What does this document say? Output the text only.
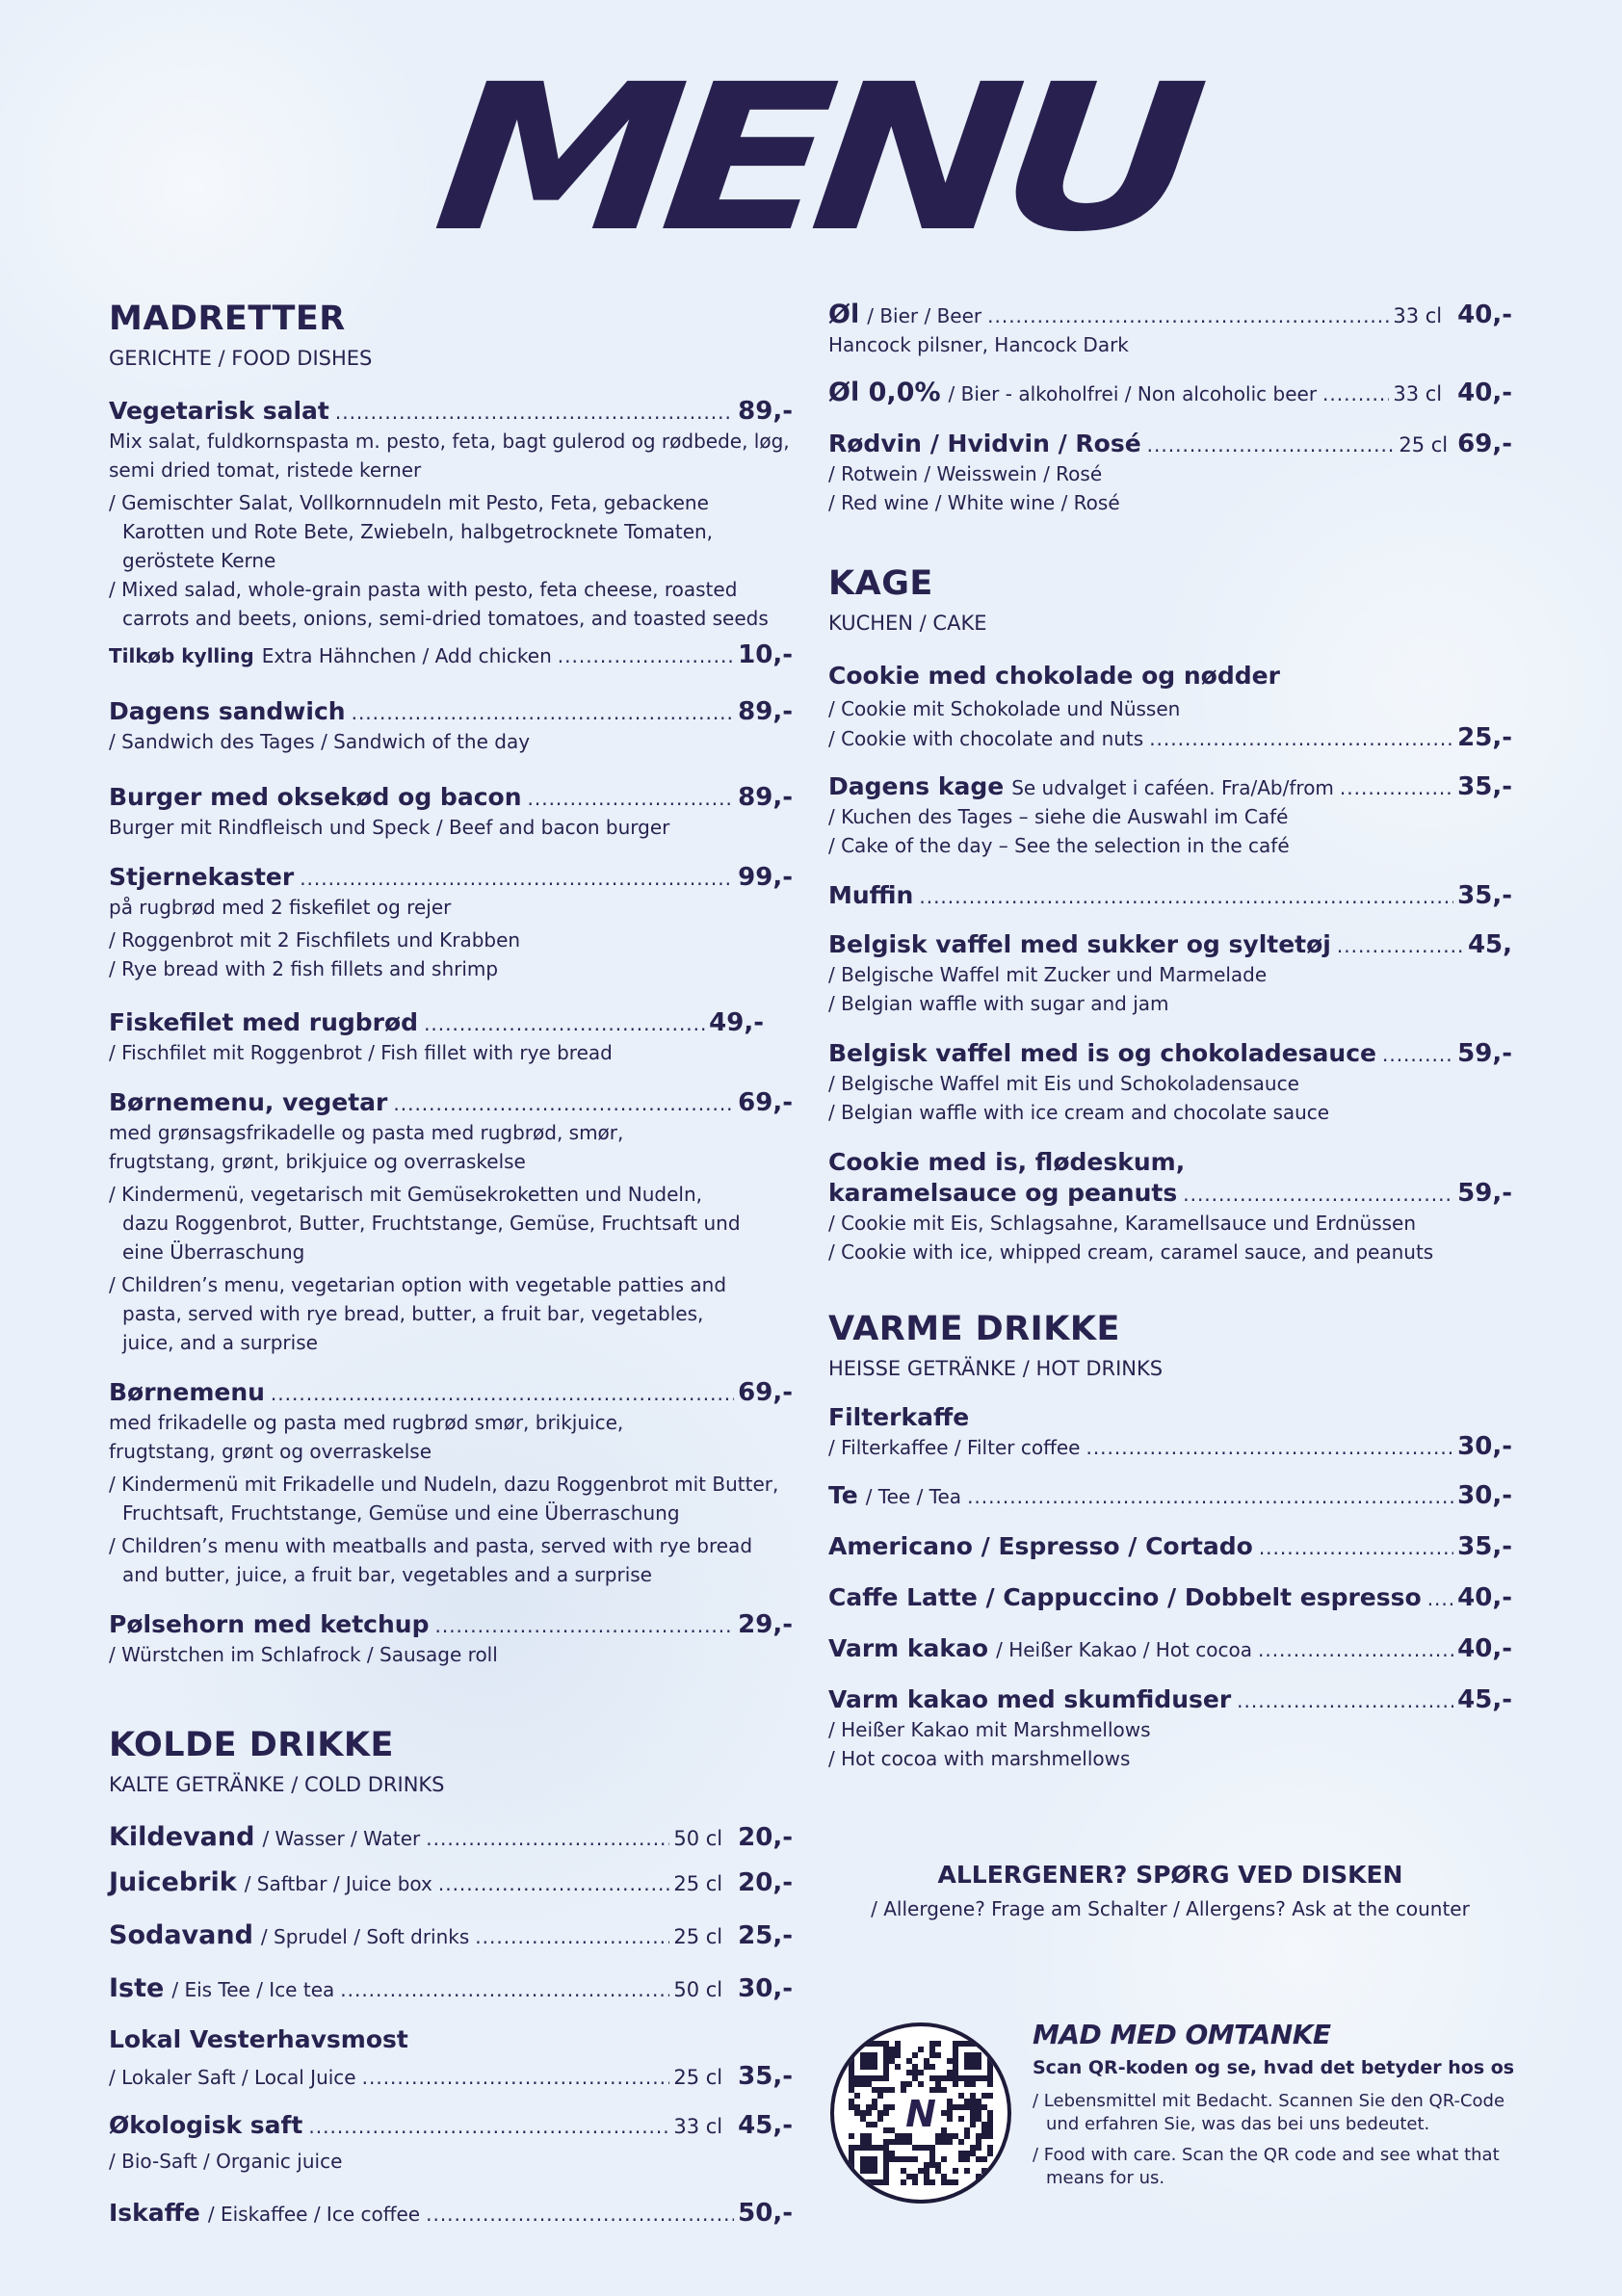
MENU
MADRETTER

GERICHTE / FOOD DISHES

Vegetarisk salat .....	89,-

Mix salat, fuldkornspasta m. pesto, feta, bagt gulerod og rødbede, løg, semi dried tomat, ristede kerner

/ Gemischter Salat, Vollkornnudeln mit Pesto, Feta, gebackene Karotten und Rote Bete, Zwiebeln, halbgetrocknete Tomaten, geröstete Kerne

/ Mixed salad, whole-grain pasta with pesto, feta cheese, roasted carrots and beets, onions, semi-dried tomatoes, and toasted seeds

Tilkøb kylling Extra Hähnchen / Add chicken .....	10,-
Dagens sandwich .....	89,-

/ Sandwich des Tages / Sandwich of the day

Burger med oksekød og bacon .....	89,-

Burger mit Rindfleisch und Speck / Beef and bacon burger

Stjernekaster .....	99,-

på rugbrød med 2 fiskefilet og rejer

/ Roggenbrot mit 2 Fischfilets und Krabben

/ Rye bread with 2 fish fillets and shrimp

Fiskefilet med rugbrød .....	49,-

/ Fischfilet mit Roggenbrot / Fish fillet with rye bread

Børnemenu, vegetar .....	69,-

med grønsagsfrikadelle og pasta med rugbrød, smør, frugtstang, grønt, brikjuice og overraskelse

/ Kindermenü, vegetarisch mit Gemüsekroketten und Nudeln, dazu Roggenbrot, Butter, Fruchtstange, Gemüse, Fruchtsaft und eine Überraschung

/ Children’s menu, vegetarian option with vegetable patties and pasta, served with rye bread, butter, a fruit bar, vegetables, juice, and a surprise

Børnemenu .....	69,-

med frikadelle og pasta med rugbrød smør, brikjuice, frugtstang, grønt og overraskelse

/ Kindermenü mit Frikadelle und Nudeln, dazu Roggenbrot mit Butter, Fruchtsaft, Fruchtstange, Gemüse und eine Überraschung

/ Children’s menu with meatballs and pasta, served with rye bread and butter, juice, a fruit bar, vegetables and a surprise

Pølsehorn med ketchup .....	29,-

/ Würstchen im Schlafrock / Sausage roll

KOLDE DRIKKE

KALTE GETRÄNKE / COLD DRINKS

Kildevand / Wasser / Water .....	50 cl 20,-
Juicebrik / Saftbar / Juice box .....	25 cl 20,-
Sodavand / Sprudel / Soft drinks .....	25 cl 25,-
Iste / Eis Tee / Ice tea .....	50 cl 30,-
Lokal Vesterhavsmost
/ Lokaler Saft / Local Juice .....	25 cl 35,-
Økologisk saft .....	33 cl 45,-

/ Bio-Saft / Organic juice

Iskaffe / Eiskaffee / Ice coffee .....	50,-
Øl / Bier / Beer .....	33 cl 40,-

Hancock pilsner, Hancock Dark

Øl 0,0% / Bier - alkoholfrei / Non alcoholic beer .....	33 cl 40,-
Rødvin / Hvidvin / Rosé .....	25 cl 69,-

/ Rotwein / Weisswein / Rosé

/ Red wine / White wine / Rosé

KAGE

KUCHEN / CAKE

Cookie med chokolade og nødder

/ Cookie mit Schokolade und Nüssen

/ Cookie with chocolate and nuts .....	25,-
Dagens kage Se udvalget i caféen. Fra/Ab/from .....	35,-

/ Kuchen des Tages – siehe die Auswahl im Café

/ Cake of the day – See the selection in the café

Muffin .....	35,-
Belgisk vaffel med sukker og syltetøj .....	45,

/ Belgische Waffel mit Zucker und Marmelade

/ Belgian waffle with sugar and jam

Belgisk vaffel med is og chokoladesauce .....	59,-

/ Belgische Waffel mit Eis und Schokoladensauce

/ Belgian waffle with ice cream and chocolate sauce

Cookie med is, flødeskum,
karamelsauce og peanuts .....	59,-

/ Cookie mit Eis, Schlagsahne, Karamellsauce und Erdnüssen

/ Cookie with ice, whipped cream, caramel sauce, and peanuts

VARME DRIKKE

HEISSE GETRÄNKE / HOT DRINKS

Filterkaffe
/ Filterkaffee / Filter coffee .....	30,-
Te / Tee / Tea .....	30,-
Americano / Espresso / Cortado .....	35,-
Caffe Latte / Cappuccino / Dobbelt espresso ..... 40,-
Varm kakao / Heißer Kakao / Hot cocoa .....	40,-
Varm kakao med skumfiduser .....	45,-

/ Heißer Kakao mit Marshmellows

/ Hot cocoa with marshmellows

ALLERGENER? SPØRG VED DISKEN

/ Allergene? Frage am Schalter / Allergens? Ask at the counter

N

MAD MED OMTANKE

Scan QR-koden og se, hvad det betyder hos os

/ Lebensmittel mit Bedacht. Scannen Sie den QR-Code und erfahren Sie, was das bei uns bedeutet.

/ Food with care. Scan the QR code and see what that means for us.
